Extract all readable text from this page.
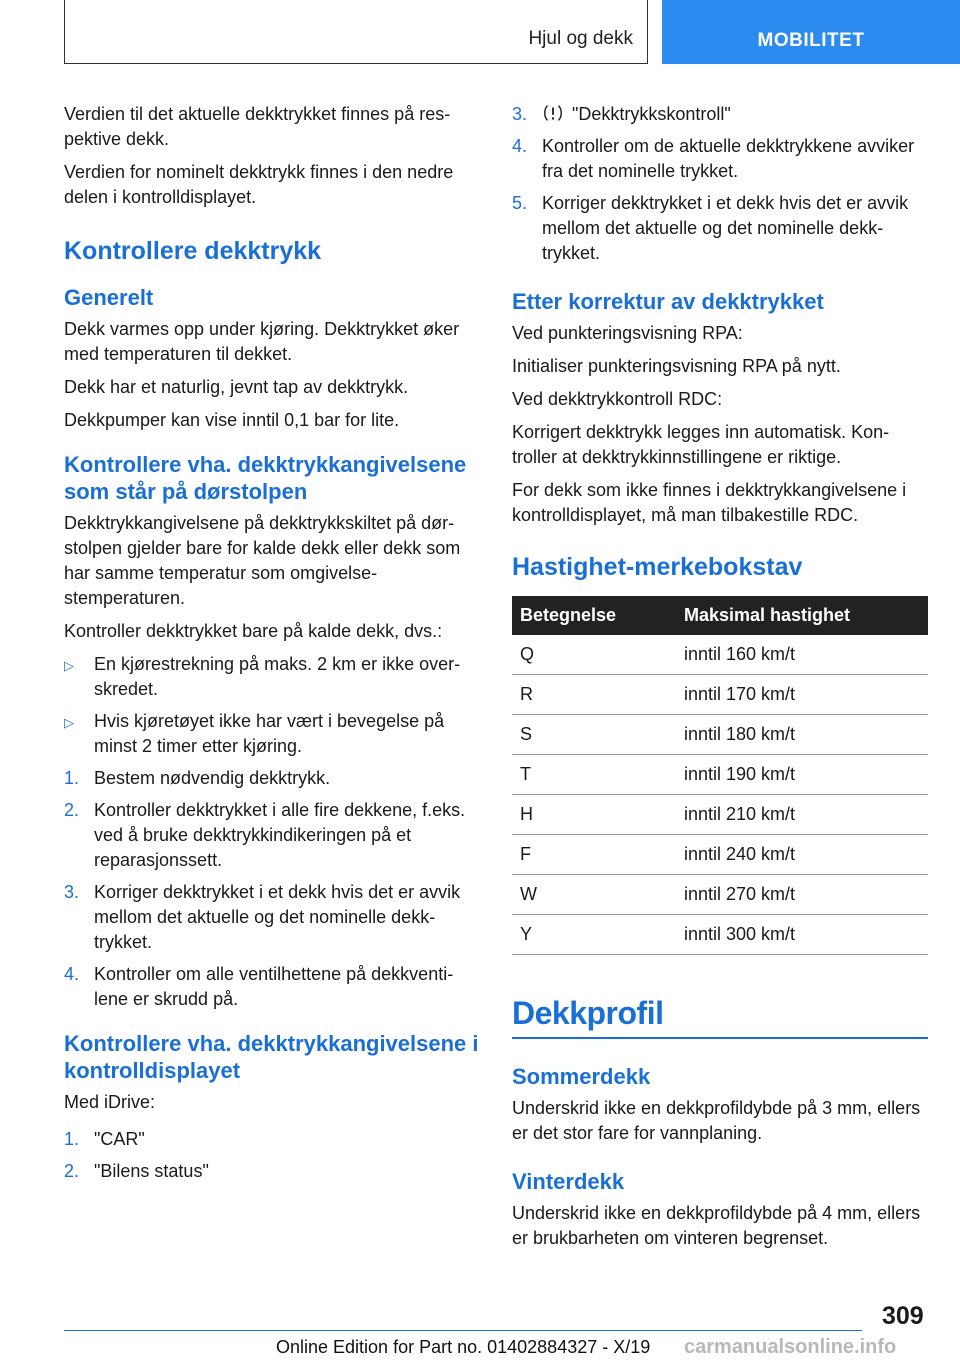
Hjul og dekk	MOBILITET

Verdien til det aktuelle dekktrykket finnes på respektive dekk.

Verdien for nominelt dekktrykk finnes i den nedre delen i kontrolldisplayet.

Kontrollere dekktrykk
Generelt

Dekk varmes opp under kjøring. Dekktrykket øker med temperaturen til dekket.

Dekk har et naturlig, jevnt tap av dekktrykk.

Dekkpumper kan vise inntil 0,1 bar for lite.

Kontrollere vha. dekktrykkangivelsene som står på dørstolpen

Dekktrykkangivelsene på dekktrykkskiltet på dørstolpen gjelder bare for kalde dekk eller dekk som har samme temperatur som omgivelsestemperaturen.

Kontroller dekktrykket bare på kalde dekk, dvs.:

▷	En kjørestrekning på maks. 2 km er ikke overskredet.
▷	Hvis kjøretøyet ikke har vært i bevegelse på minst 2 timer etter kjøring.
1. Bestem nødvendig dekktrykk.
2. Kontroller dekktrykket i alle fire dekkene, f.eks. ved å bruke dekktrykkindikeringen på et reparasjonssett.
3. Korriger dekktrykket i et dekk hvis det er avvik mellom det aktuelle og det nominelle dekktrykket.
4. Kontroller om alle ventilhettene på dekkventilene er skrudd på.
Kontrollere vha. dekktrykkangivelsene i kontrolldisplayet

Med iDrive:

1. "CAR"
2. "Bilens status"
3.	"Dekktrykkskontroll"
4. Kontroller om de aktuelle dekktrykkene avviker fra det nominelle trykket.
5. Korriger dekktrykket i et dekk hvis det er avvik mellom det aktuelle og det nominelle dekktrykket.
Etter korrektur av dekktrykket

Ved punkteringsvisning RPA:

Initialiser punkteringsvisning RPA på nytt.

Ved dekktrykkontroll RDC:

Korrigert dekktrykk legges inn automatisk. Kontroller at dekktrykkinnstillingene er riktige.

For dekk som ikke finnes i dekktrykkangivelsene i kontrolldisplayet, må man tilbakestille RDC.

Hastighet-merkebokstav
Betegnelse	Maksimal hastighet
Q	inntil 160 km/t
R	inntil 170 km/t
S	inntil 180 km/t
T	inntil 190 km/t
H	inntil 210 km/t
F	inntil 240 km/t
W	inntil 270 km/t
Y	inntil 300 km/t
Dekkprofil
Sommerdekk

Underskrid ikke en dekkprofildybde på 3 mm, ellers er det stor fare for vannplaning.

Vinterdekk

Underskrid ikke en dekkprofildybde på 4 mm, ellers er brukbarheten om vinteren begrenset.

309
Online Edition for Part no. 01402884327 - X/19 carmanualsonline.info
